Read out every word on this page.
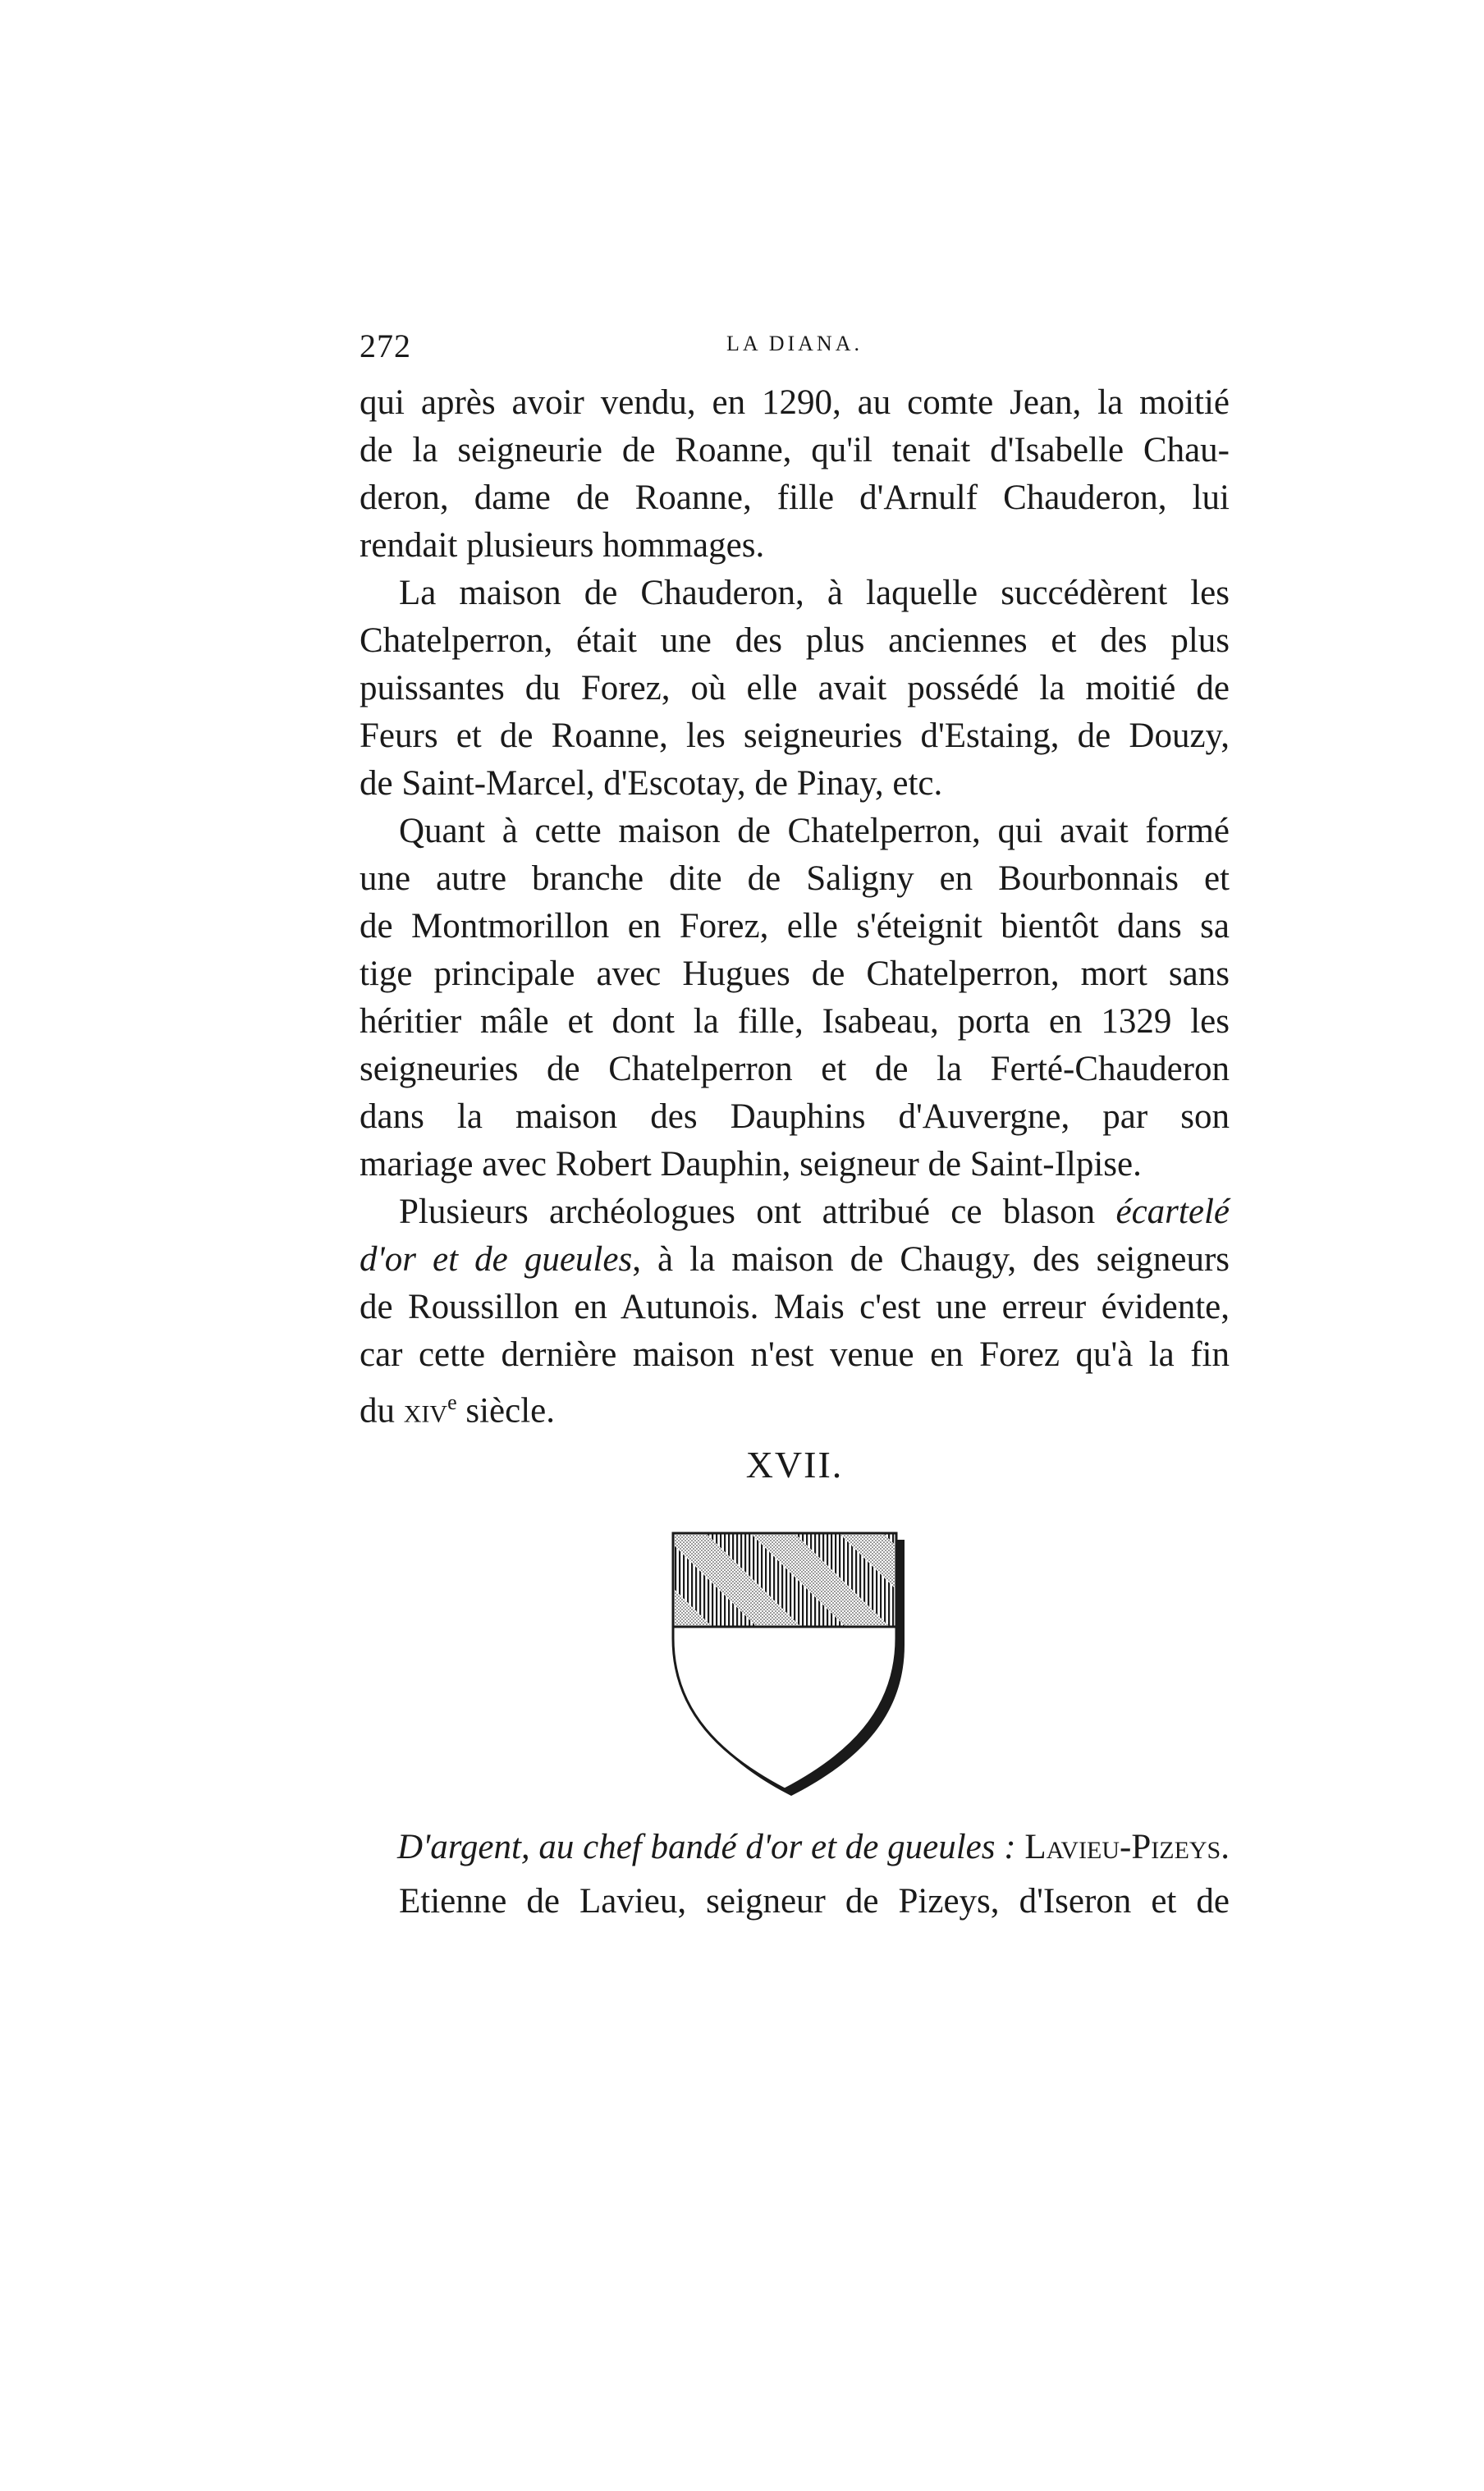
272	LA DIANA.
qui après avoir vendu, en 1290, au comte Jean, la moitié
de la seigneurie de Roanne, qu'il tenait d'Isabelle Chau-
deron, dame de Roanne, fille d'Arnulf Chauderon, lui
rendait plusieurs hommages.
La maison de Chauderon, à laquelle succédèrent les
Chatelperron, était une des plus anciennes et des plus
puissantes du Forez, où elle avait possédé la moitié de
Feurs et de Roanne, les seigneuries d'Estaing, de Douzy,
de Saint-Marcel, d'Escotay, de Pinay, etc.
Quant à cette maison de Chatelperron, qui avait formé
une autre branche dite de Saligny en Bourbonnais et
de Montmorillon en Forez, elle s'éteignit bientôt dans sa
tige principale avec Hugues de Chatelperron, mort sans
héritier mâle et dont la fille, Isabeau, porta en 1329 les
seigneuries de Chatelperron et de la Ferté-Chauderon
dans la maison des Dauphins d'Auvergne, par son
mariage avec Robert Dauphin, seigneur de Saint-Ilpise.
Plusieurs archéologues ont attribué ce blason écartelé
d'or et de gueules, à la maison de Chaugy, des seigneurs
de Roussillon en Autunois. Mais c'est une erreur évidente,
car cette dernière maison n'est venue en Forez qu'à la fin
du xiv$^e$ siècle.
XVII.
D'argent, au chef bandé d'or et de gueules : Lavieu-Pizeys.
Etienne de Lavieu, seigneur de Pizeys, d'Iseron et de
